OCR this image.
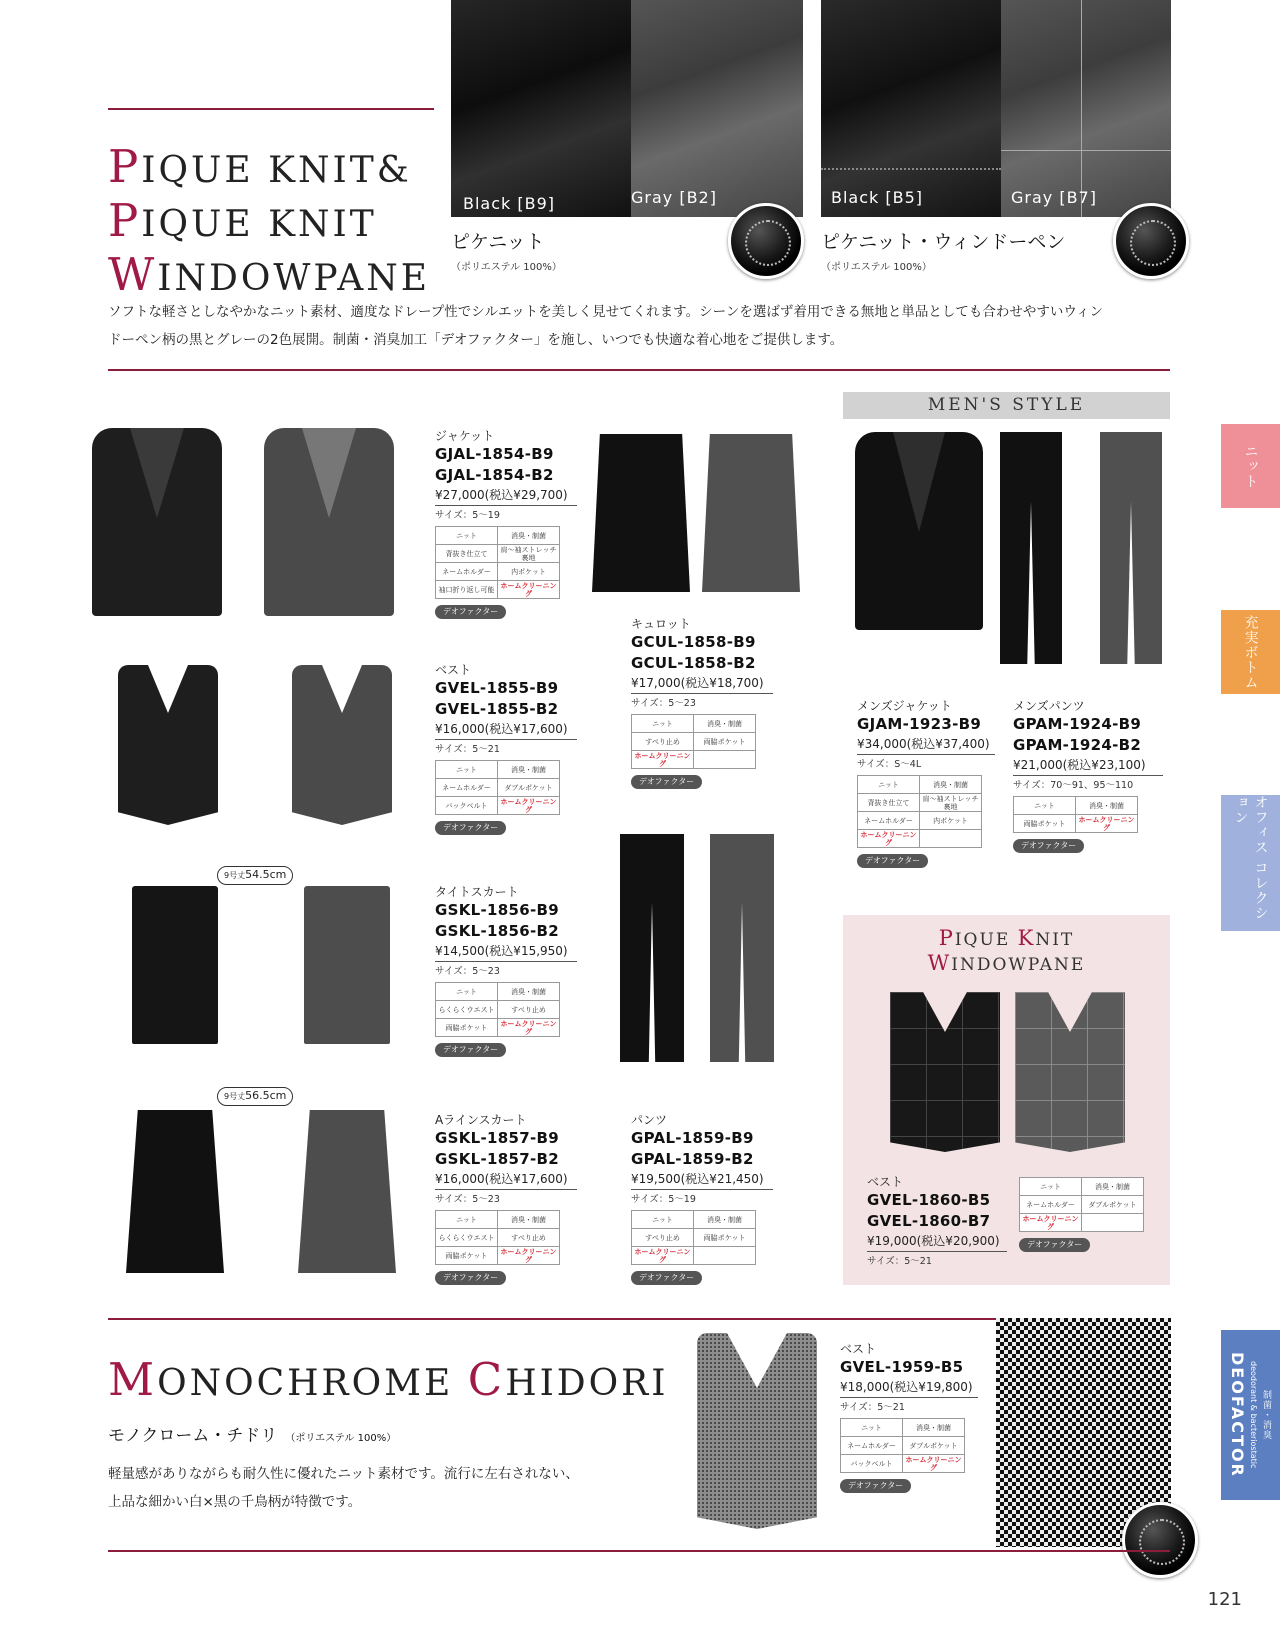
PIQUE KNIT&
PIQUE KNIT
WINDOWPANE
Black [B9]	Gray [B2]	Black [B5]	Gray [B7]
ピケニット
（ポリエステル 100%）
ピケニット・ウィンドーペン
（ポリエステル 100%）
ソフトな軽さとしなやかなニット素材、適度なドレープ性でシルエットを美しく見せてくれます。シーンを選ばず着用できる無地と単品としても合わせやすいウィン
ドーペン柄の黒とグレーの2色展開。制菌・消臭加工「デオファクター」を施し、いつでも快適な着心地をご提供します。
ジャケット
GJAL-1854-B9
GJAL-1854-B2
¥27,000(税込¥29,700)
サイズ：5～19
ニット	消臭・制菌
背抜き仕立て	肩～袖ストレッチ裏地
ネームホルダー	内ポケット
袖口折り返し可能	ホームクリーニング
デオファクター
ベスト
GVEL-1855-B9
GVEL-1855-B2
¥16,000(税込¥17,600)
サイズ：5～21
ニット	消臭・制菌
ネームホルダー	ダブルポケット
バックベルト	ホームクリーニング
デオファクター
9号丈54.5cm
タイトスカート
GSKL-1856-B9
GSKL-1856-B2
¥14,500(税込¥15,950)
サイズ：5～23
ニット	消臭・制菌
らくらくウエスト	すべり止め
両脇ポケット	ホームクリーニング
デオファクター
9号丈56.5cm
Aラインスカート
GSKL-1857-B9
GSKL-1857-B2
¥16,000(税込¥17,600)
サイズ：5～23
ニット	消臭・制菌
らくらくウエスト	すべり止め
両脇ポケット	ホームクリーニング
デオファクター
キュロット
GCUL-1858-B9
GCUL-1858-B2
¥17,000(税込¥18,700)
サイズ：5～23
ニット	消臭・制菌
すべり止め	両脇ポケット
ホームクリーニング	
デオファクター
パンツ
GPAL-1859-B9
GPAL-1859-B2
¥19,500(税込¥21,450)
サイズ：5～19
ニット	消臭・制菌
すべり止め	両脇ポケット
ホームクリーニング	
デオファクター
MEN'S STYLE
メンズジャケット
GJAM-1923-B9
¥34,000(税込¥37,400)
サイズ：S～4L
ニット	消臭・制菌
背抜き仕立て	肩～袖ストレッチ裏地
ネームホルダー	内ポケット
ホームクリーニング	
デオファクター
メンズパンツ
GPAM-1924-B9
GPAM-1924-B2
¥21,000(税込¥23,100)
サイズ：70～91、95～110
ニット	消臭・制菌
両脇ポケット	ホームクリーニング
デオファクター
PIQUE KNIT
WINDOWPANE
ベスト
GVEL-1860-B5
GVEL-1860-B7
¥19,000(税込¥20,900)
サイズ：5～21
ニット	消臭・制菌
ネームホルダー	ダブルポケット
ホームクリーニング	
デオファクター
MONOCHROME CHIDORI
モノクローム・チドリ （ポリエステル 100%）
軽量感がありながらも耐久性に優れたニット素材です。流行に左右されない、
上品な細かい白×黒の千鳥柄が特徴です。
ベスト
GVEL-1959-B5
¥18,000(税込¥19,800)
サイズ：5～21
ニット	消臭・制菌
ネームホルダー	ダブルポケット
バックベルト	ホームクリーニング
デオファクター
ニット
充実ボトム
オフィス コレクション
DEOFACTOR deodorant & bacteriostatic 制菌・消臭
121
